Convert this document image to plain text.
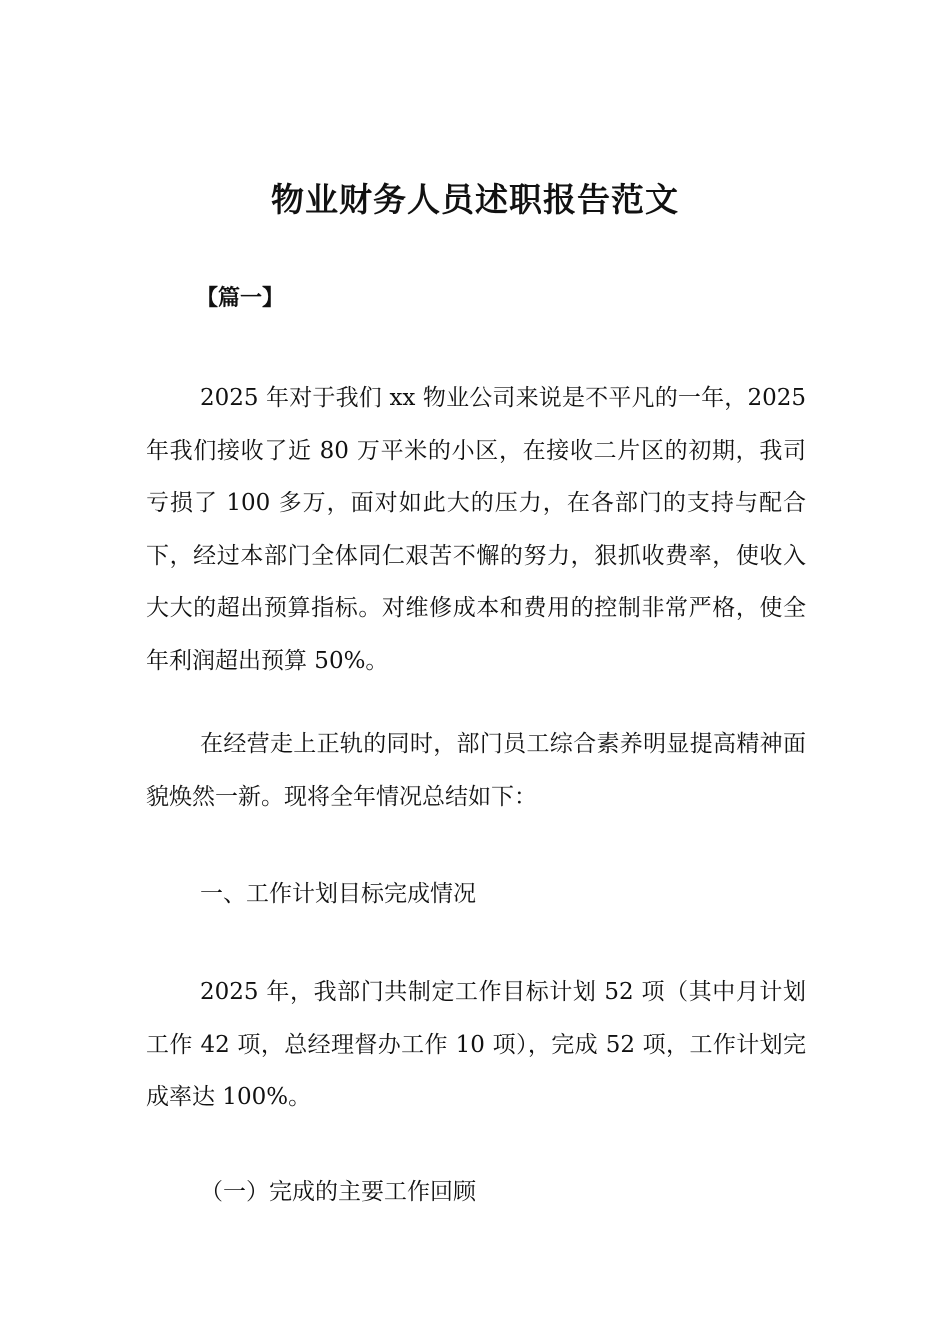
物业财务人员述职报告范文
【篇一】

2025 年对于我们 xx 物业公司来说是不平凡的一年，2025 年我们接收了近 80 万平米的小区，在接收二片区的初期，我司亏损了 100 多万，面对如此大的压力，在各部门的支持与配合下，经过本部门全体同仁艰苦不懈的努力，狠抓收费率，使收入大大的超出预算指标。对维修成本和费用的控制非常严格，使全年利润超出预算 50%。

在经营走上正轨的同时，部门员工综合素养明显提高精神面貌焕然一新。现将全年情况总结如下：

一、工作计划目标完成情况

2025 年，我部门共制定工作目标计划 52 项（其中月计划工作 42 项，总经理督办工作 10 项），完成 52 项，工作计划完成率达 100%。

（一）完成的主要工作回顾
